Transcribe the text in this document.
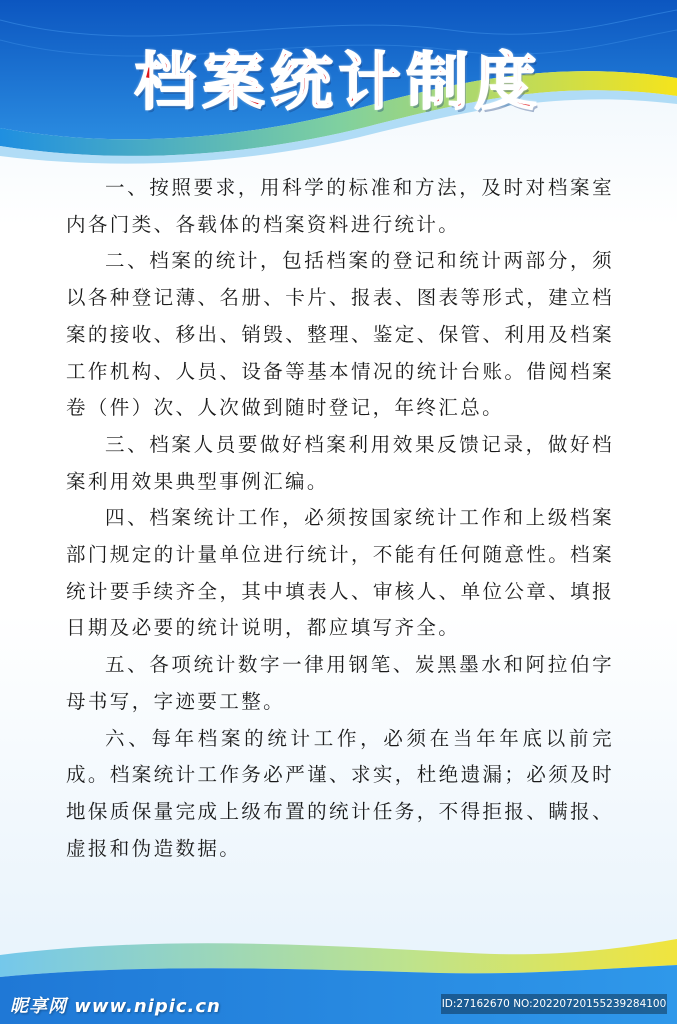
档案统计制度

一、按照要求，用科学的标准和方法，及时对档案室内各门类、各载体的档案资料进行统计。

二、档案的统计，包括档案的登记和统计两部分，须以各种登记薄、名册、卡片、报表、图表等形式，建立档案的接收、移出、销毁、整理、鉴定、保管、利用及档案工作机构、人员、设备等基本情况的统计台账。借阅档案卷（件）次、人次做到随时登记，年终汇总。

三、档案人员要做好档案利用效果反馈记录，做好档案利用效果典型事例汇编。

四、档案统计工作，必须按国家统计工作和上级档案部门规定的计量单位进行统计，不能有任何随意性。档案统计要手续齐全，其中填表人、审核人、单位公章、填报日期及必要的统计说明，都应填写齐全。

五、各项统计数字一律用钢笔、炭黑墨水和阿拉伯字母书写，字迹要工整。

六、每年档案的统计工作，必须在当年年底以前完成。档案统计工作务必严谨、求实，杜绝遗漏；必须及时地保质保量完成上级布置的统计任务，不得拒报、瞒报、虚报和伪造数据。

昵享网 www.nipic.cn	ID:27162670 NO:20220720155239284100
